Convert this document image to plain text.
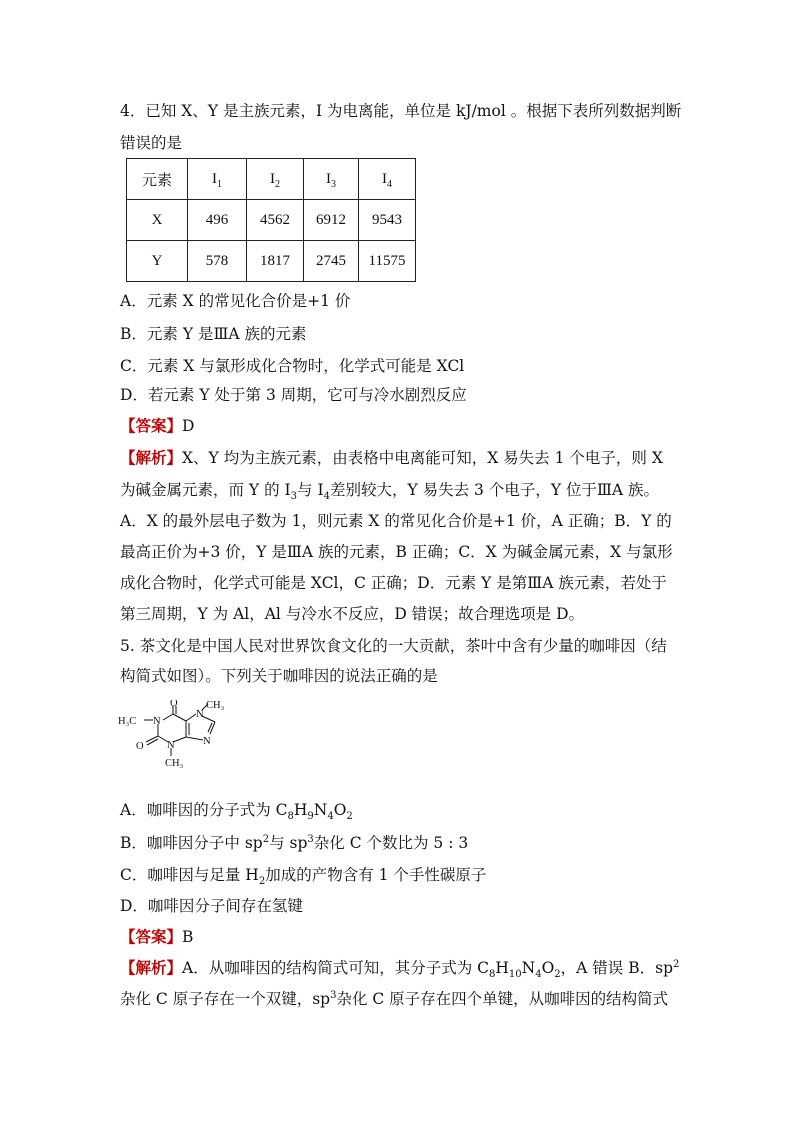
4．已知 X、Y 是主族元素，I 为电离能，单位是 kJ/mol 。根据下表所列数据判断
错误的是
元素	$I_1$	$I_2$	$I_3$	$I_4$
X	496	4562	6912	9543
Y	578	1817	2745	11575
A．元素 X 的常见化合价是+1 价
B．元素 Y 是ⅢA 族的元素
C．元素 X 与氯形成化合物时，化学式可能是 XCl
D．若元素 Y 处于第 3 周期，它可与冷水剧烈反应
【答案】D
【解析】X、Y 均为主族元素，由表格中电离能可知，X 易失去 1 个电子，则 X
为碱金属元素，而 Y 的 $I_3$与 $I_4$差别较大，Y 易失去 3 个电子，Y 位于ⅢA 族。
A．X 的最外层电子数为 1，则元素 X 的常见化合价是+1 价，A 正确；B．Y 的
最高正价为+3 价，Y 是ⅢA 族的元素，B 正确；C．X 为碱金属元素，X 与氯形
成化合物时，化学式可能是 XCl，C 正确；D．元素 Y 是第ⅢA 族元素，若处于
第三周期，Y 为 Al，Al 与冷水不反应，D 错误；故合理选项是 D。
5. 茶文化是中国人民对世界饮食文化的一大贡献，茶叶中含有少量的咖啡因（结
构简式如图）。下列关于咖啡因的说法正确的是
H₃C N
O
N
CH₃
O N	N
CH₃
A．咖啡因的分子式为 $C_8H_9N_4O_2$
B．咖啡因分子中 $sp^2$与 $sp^3$杂化 C 个数比为 5 : 3
C．咖啡因与足量 $H_2$加成的产物含有 1 个手性碳原子
D．咖啡因分子间存在氢键
【答案】B
【解析】A．从咖啡因的结构简式可知，其分子式为 $C_8H_{10}N_4O_2$，A 错误 B．$sp^2$
杂化 C 原子存在一个双键，$sp^3$杂化 C 原子存在四个单键，从咖啡因的结构简式
